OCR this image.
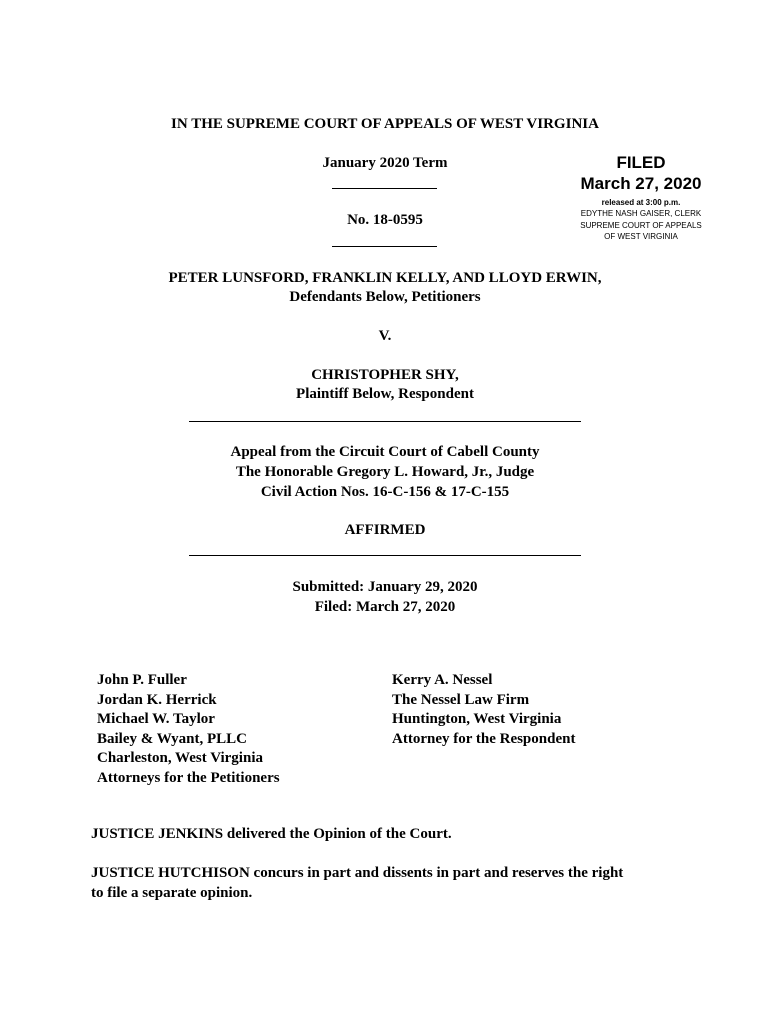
IN THE SUPREME COURT OF APPEALS OF WEST VIRGINIA
January 2020 Term
No. 18-0595
FILED
March 27, 2020
released at 3:00 p.m.
EDYTHE NASH GAISER, CLERK
SUPREME COURT OF APPEALS
OF WEST VIRGINIA
PETER LUNSFORD, FRANKLIN KELLY, AND LLOYD ERWIN,
Defendants Below, Petitioners
V.
CHRISTOPHER SHY,
Plaintiff Below, Respondent
Appeal from the Circuit Court of Cabell County
The Honorable Gregory L. Howard, Jr., Judge
Civil Action Nos. 16-C-156 & 17-C-155
AFFIRMED
Submitted: January 29, 2020
Filed: March 27, 2020
John P. Fuller
Jordan K. Herrick
Michael W. Taylor
Bailey & Wyant, PLLC
Charleston, West Virginia
Attorneys for the Petitioners
Kerry A. Nessel
The Nessel Law Firm
Huntington, West Virginia
Attorney for the Respondent
JUSTICE JENKINS delivered the Opinion of the Court.
JUSTICE HUTCHISON concurs in part and dissents in part and reserves the right
to file a separate opinion.
